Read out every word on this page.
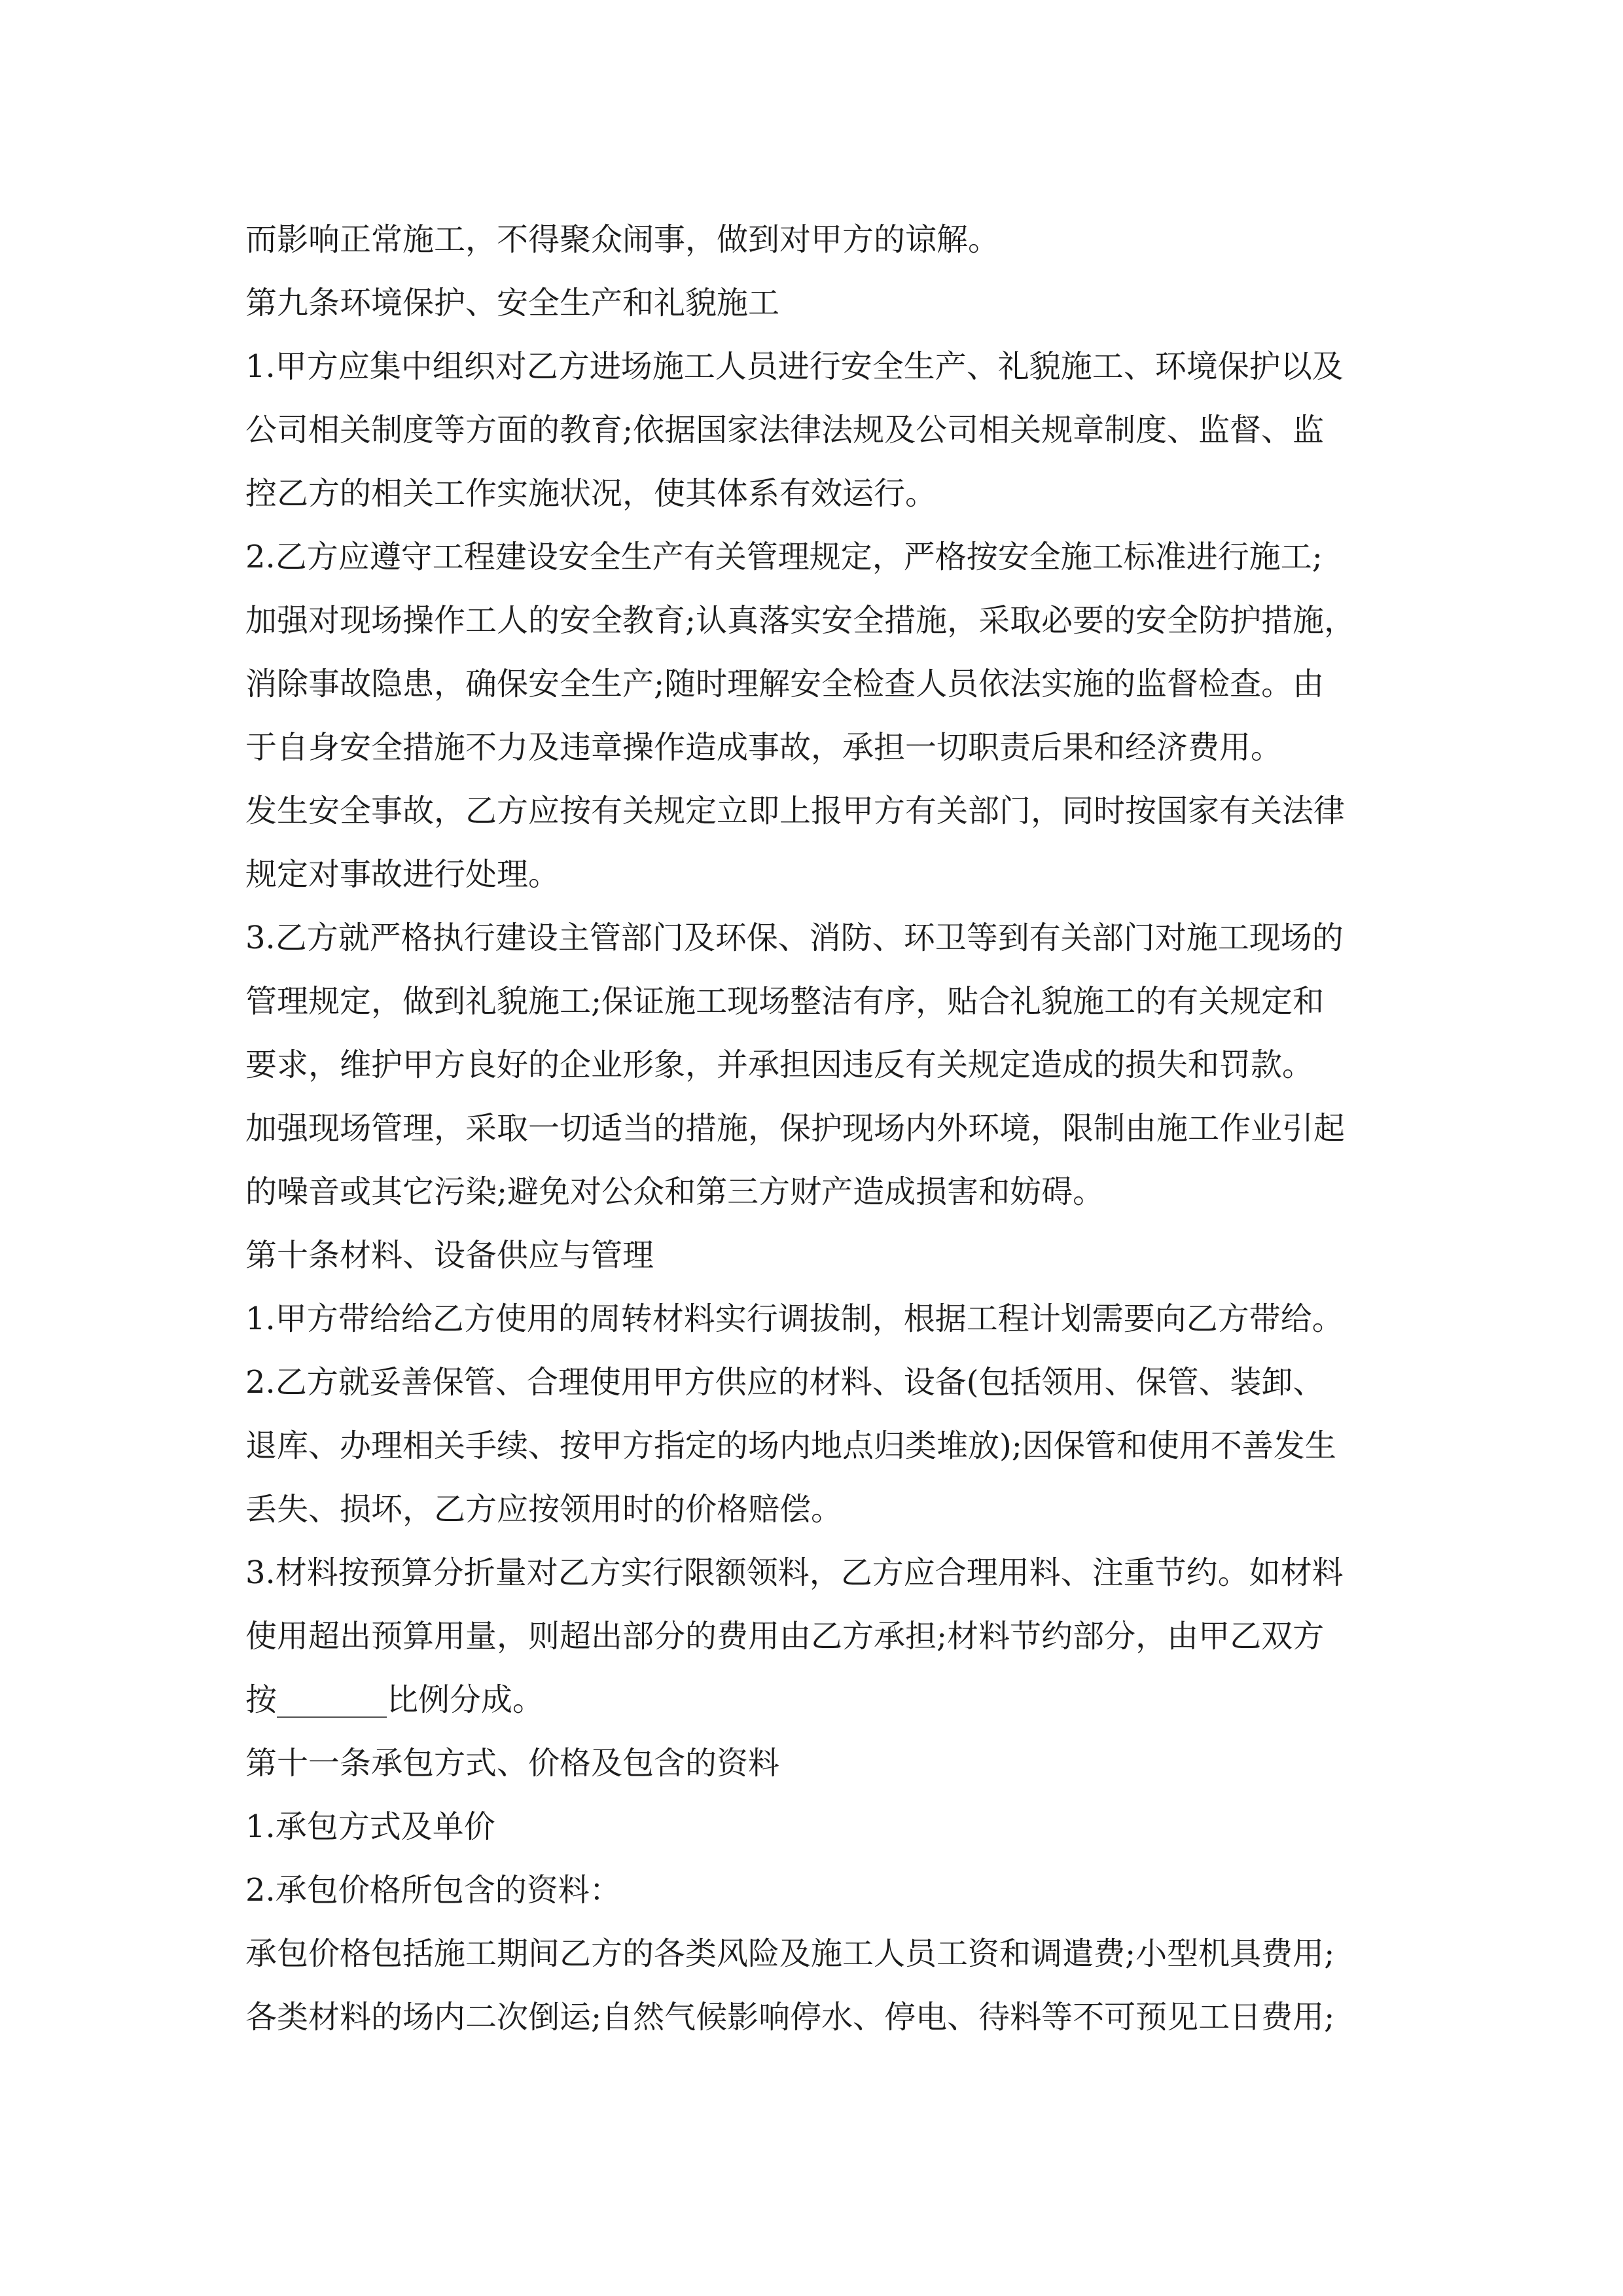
而影响正常施工，不得聚众闹事，做到对甲方的谅解。
第九条环境保护、安全生产和礼貌施工
1.甲方应集中组织对乙方进场施工人员进行安全生产、礼貌施工、环境保护以及
公司相关制度等方面的教育;依据国家法律法规及公司相关规章制度、监督、监
控乙方的相关工作实施状况，使其体系有效运行。
2.乙方应遵守工程建设安全生产有关管理规定，严格按安全施工标准进行施工;
加强对现场操作工人的安全教育;认真落实安全措施，采取必要的安全防护措施，
消除事故隐患，确保安全生产;随时理解安全检查人员依法实施的监督检查。由
于自身安全措施不力及违章操作造成事故，承担一切职责后果和经济费用。
发生安全事故，乙方应按有关规定立即上报甲方有关部门，同时按国家有关法律
规定对事故进行处理。
3.乙方就严格执行建设主管部门及环保、消防、环卫等到有关部门对施工现场的
管理规定，做到礼貌施工;保证施工现场整洁有序，贴合礼貌施工的有关规定和
要求，维护甲方良好的企业形象，并承担因违反有关规定造成的损失和罚款。
加强现场管理，采取一切适当的措施，保护现场内外环境，限制由施工作业引起
的噪音或其它污染;避免对公众和第三方财产造成损害和妨碍。
第十条材料、设备供应与管理
1.甲方带给给乙方使用的周转材料实行调拔制，根据工程计划需要向乙方带给。
2.乙方就妥善保管、合理使用甲方供应的材料、设备(包括领用、保管、装卸、
退库、办理相关手续、按甲方指定的场内地点归类堆放);因保管和使用不善发生
丢失、损坏，乙方应按领用时的价格赔偿。
3.材料按预算分折量对乙方实行限额领料，乙方应合理用料、注重节约。如材料
使用超出预算用量，则超出部分的费用由乙方承担;材料节约部分，由甲乙双方
按_______比例分成。
第十一条承包方式、价格及包含的资料
1.承包方式及单价
2.承包价格所包含的资料：
承包价格包括施工期间乙方的各类风险及施工人员工资和调遣费;小型机具费用;
各类材料的场内二次倒运;自然气候影响停水、停电、待料等不可预见工日费用;
